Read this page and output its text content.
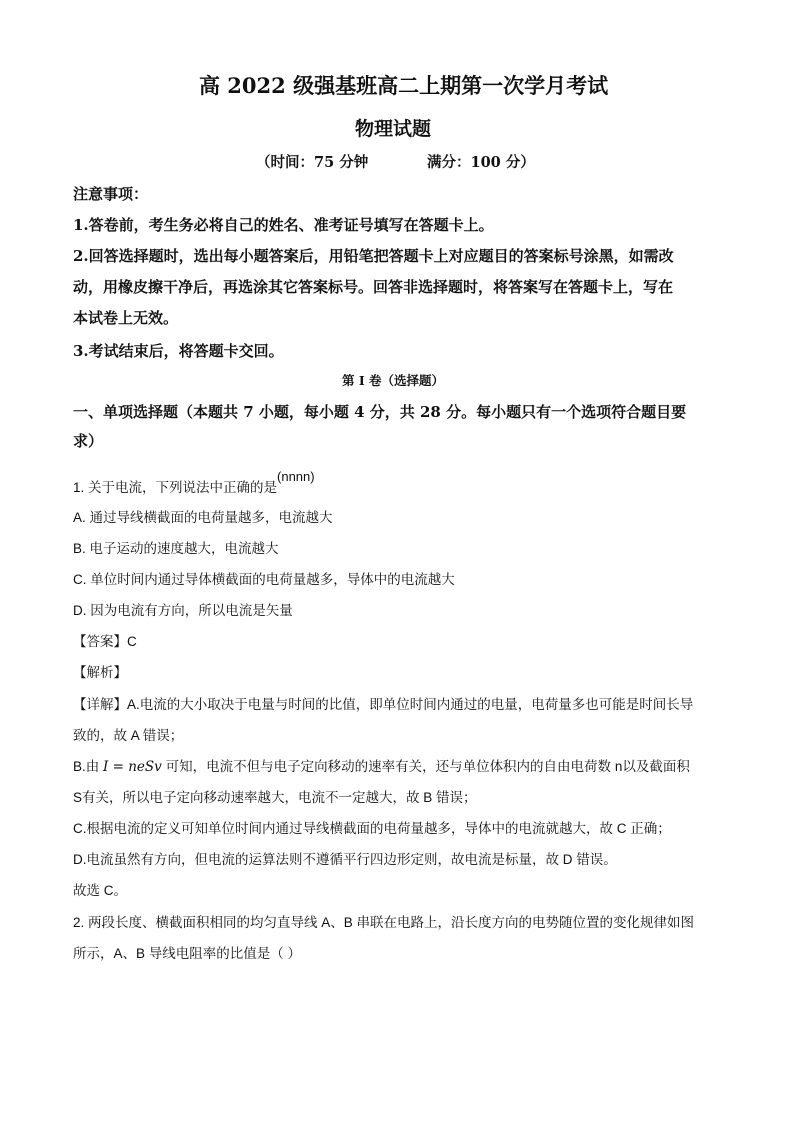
高 2022 级强基班高二上期第一次学月考试
物理试题
（时间：75 分钟	满分：100 分）
注意事项：
1.答卷前，考生务必将自己的姓名、准考证号填写在答题卡上。
2.回答选择题时，选出每小题答案后，用铅笔把答题卡上对应题目的答案标号涂黑，如需改
动，用橡皮擦干净后，再选涂其它答案标号。回答非选择题时，将答案写在答题卡上，写在
本试卷上无效。
3.考试结束后，将答题卡交回。
第 I 卷（选择题）
一、单项选择题（本题共 7 小题，每小题 4 分，共 28 分。每小题只有一个选项符合题目要
求）
1. 关于电流，下列说法中正确的是(nnnn)
A. 通过导线横截面的电荷量越多，电流越大
B. 电子运动的速度越大，电流越大
C. 单位时间内通过导体横截面的电荷量越多，导体中的电流越大
D. 因为电流有方向，所以电流是矢量
【答案】C
【解析】
【详解】A.电流的大小取决于电量与时间的比值，即单位时间内通过的电量，电荷量多也可能是时间长导
致的，故 A 错误；
B.由 I = neSv 可知，电流不但与电子定向移动的速率有关，还与单位体积内的自由电荷数 n以及截面积
S有关，所以电子定向移动速率越大，电流不一定越大，故 B 错误；
C.根据电流的定义可知单位时间内通过导线横截面的电荷量越多，导体中的电流就越大，故 C 正确；
D.电流虽然有方向，但电流的运算法则不遵循平行四边形定则，故电流是标量，故 D 错误。
故选 C。
2. 两段长度、横截面积相同的均匀直导线 A、B 串联在电路上，沿长度方向的电势随位置的变化规律如图
所示，A、B 导线电阻率的比值是（ ）
